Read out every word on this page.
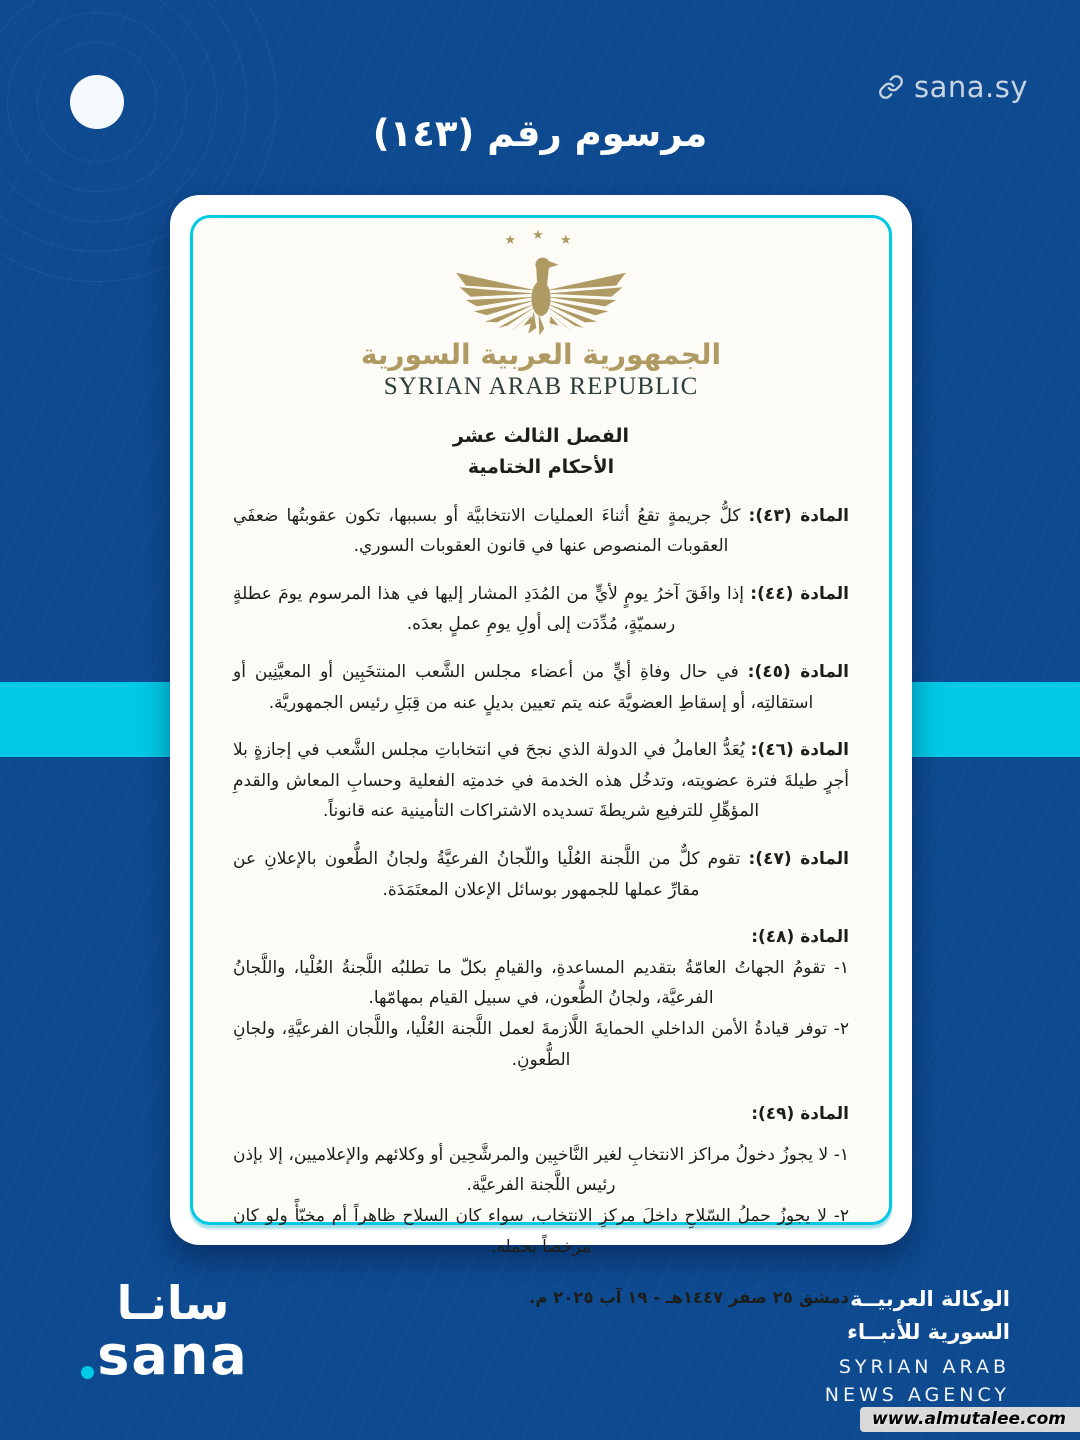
sana.sy
مرسوم رقم (١٤٣)
★ ★ ★
الجمهورية العربية السورية
SYRIAN ARAB REPUBLIC
الفصل الثالث عشر
الأحكام الختامية

المادة (٤٣): كلُّ جريمةٍ تقعُ أثناءَ العمليات الانتخابيَّة أو بسببها، تكون عقوبتُها ضعفَي العقوبات المنصوص عنها في قانون العقوبات السوري.

المادة (٤٤): إذا وافَقَ آخرُ يومٍ لأيٍّ من المُدَدِ المشار إليها في هذا المرسوم يومَ عطلةٍ رسميّةٍ، مُدِّدَت إلى أولِ يومِ عملٍ بعدَه.

المادة (٤٥): في حال وفاةِ أيٍّ من أعضاء مجلس الشَّعب المنتخَبِين أو المعيَّنِين أو استقالتِه، أو إسقاطِ العضويَّة عنه يتم تعيين بديلٍ عنه من قِبَلِ رئيس الجمهوريَّة.

المادة (٤٦): يُعَدُّ العاملُ في الدولة الذي نجحَ في انتخاباتِ مجلس الشَّعب في إجازةٍ بلا أجرٍ طيلةَ فترة عضويته، وتدخُل هذه الخدمة في خدمتِه الفعلية وحسابِ المعاش والقدمِ المؤهِّلِ للترفيع شريطةَ تسديده الاشتراكات التأمينية عنه قانوناً.

المادة (٤٧): تقوم كلٌّ من اللَّجنة العُلْيا واللّجانُ الفرعيَّةُ ولجانُ الطُّعون بالإعلانِ عن مقارِّ عملها للجمهور بوسائل الإعلان المعتَمَدَة.

المادة (٤٨):

١- تقومُ الجهاتُ العامّةُ بتقديم المساعدةِ، والقيامِ بكلّ ما تطلبُه اللَّجنةُ العُلْيا، واللَّجانُ الفرعيَّة، ولجانُ الطُّعون، في سبيل القيام بمهامّها.
٢- توفر قيادةُ الأمن الداخلي الحمايةَ اللَّازمةَ لعمل اللَّجنة العُلْيا، واللَّجان الفرعيَّةِ، ولجانِ الطُّعونِ.

المادة (٤٩):

١- لا يجوزُ دخولُ مراكز الانتخابِ لغير النَّاخبِين والمرشَّحِين أو وكلائهم والإعلاميين، إلا بإذن رئيس اللَّجنة الفرعيَّة.
٢- لا يجوزُ حملُ السّلاحِ داخلَ مركزِ الانتخاب، سواء كان السلاح ظاهراً أم مخبّأً ولو كان مرخصاً بحمله.
دمشق ٢٥ صفر ١٤٤٧هـ - ١٩ آب ٢٠٢٥ م.
سانـا
sana
الوكالة العربيــة
السورية للأنبــاء
SYRIAN ARAB
NEWS AGENCY
www.almutalee.com
